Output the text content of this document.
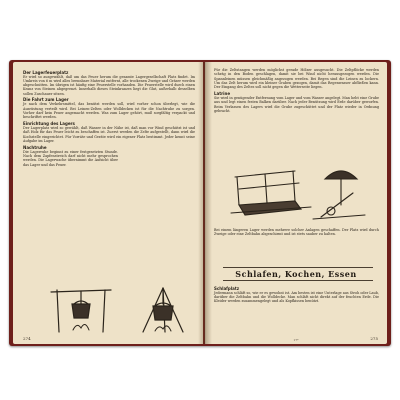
Der Lagerfeuerplatz

Er wird so ausgewählt, daß um das Feuer herum die gesamte Lagergesellschaft Platz findet. Im Umkreis von 6 m wird alles brennbare Material entfernt, alle trockenen Zweige und Gräser werden abgeschnitten. Im übrigen ist häufig eine Feuerstelle vorhanden. Die Feuerstelle wird durch einen Kranz von Steinen abgegrenzt. Innerhalb dieses Steinkranzes liegt die Glut, außerhalb desselben sollen Zuschauer sitzen.

Die Fahrt zum Lager

Je nach dem Verkehrsmittel, das benützt werden soll, wird vorher schon überlegt, wie die Ausrüstung verteilt wird. Bei Leinen-Zelten oder Wolldecken ist für die Nachtruhe zu sorgen. Vorher darf kein Feuer angemacht werden. Was zum Lager gehört, muß sorgfältig verpackt und beschriftet werden.

Einrichtung des Lagers

Der Lagerplatz wird so gewählt, daß Wasser in der Nähe ist, daß man vor Wind geschützt ist und daß Holz für das Feuer leicht zu beschaffen ist. Zuerst werden die Zelte aufgestellt, dann wird die Kochstelle eingerichtet. Für Vorräte und Geräte wird ein eigener Platz bestimmt. Jeder kennt seine Aufgabe im Lager.

Nachtruhe

Die Lagerruhe beginnt zu einer festgesetzten Stunde. Nach dem Zapfenstreich darf nicht mehr gesprochen werden. Die Lagerwache übernimmt die Aufsicht über das Lager und das Feuer.

274

Für die Zeltstangen werden möglichst gerade Hölzer ausgesucht. Die Zeltpflöcke werden schräg in den Boden geschlagen, damit sie bei Wind nicht herausgezogen werden. Die Spannleinen müssen gleichmäßig angezogen werden. Bei Regen sind die Leinen zu lockern. Um das Zelt herum wird ein kleiner Graben gezogen, damit das Regenwasser abfließen kann. Der Eingang des Zeltes soll nicht gegen die Wetterseite liegen.

Latrine

Sie wird in genügender Entfernung vom Lager und vom Wasser angelegt. Man hebt eine Grube aus und legt einen festen Balken darüber. Nach jeder Benützung wird Erde darüber geworfen. Beim Verlassen des Lagers wird die Grube zugeschüttet und der Platz wieder in Ordnung gebracht.

Bei einem längeren Lager werden mehrere solcher Anlagen geschaffen. Der Platz wird durch Zweige oder eine Zeltbahn abgeschirmt und ist stets sauber zu halten.

Schlafen, Kochen, Essen
Schlafplatz

Jedermann schläft so, wie er es gewohnt ist. Am besten ist eine Unterlage aus Stroh oder Laub, darüber die Zeltbahn und die Wolldecke. Man schläft nicht direkt auf der feuchten Erde. Die Kleider werden zusammengelegt und als Kopfkissen benützt.

275
17*
